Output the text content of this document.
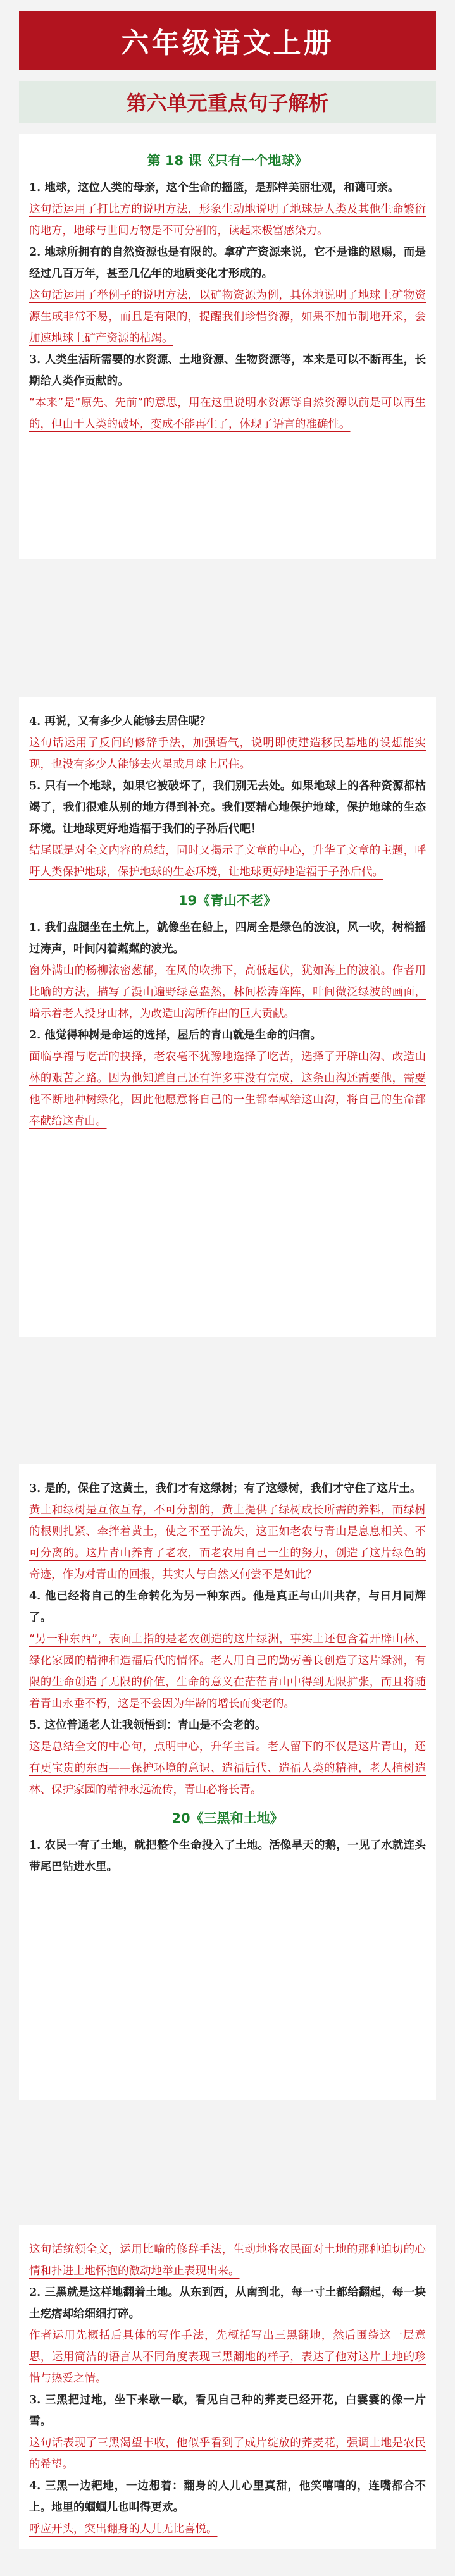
六年级语文上册
第六单元重点句子解析
第 18 课《只有一个地球》

1. 地球，这位人类的母亲，这个生命的摇篮，是那样美丽壮观，和蔼可亲。

这句话运用了打比方的说明方法，形象生动地说明了地球是人类及其他生命繁衍的地方，地球与世间万物是不可分割的，读起来极富感染力。

2. 地球所拥有的自然资源也是有限的。拿矿产资源来说，它不是谁的恩赐，而是经过几百万年，甚至几亿年的地质变化才形成的。

这句话运用了举例子的说明方法，以矿物资源为例，具体地说明了地球上矿物资源生成非常不易，而且是有限的，提醒我们珍惜资源，如果不加节制地开采，会加速地球上矿产资源的枯竭。

3. 人类生活所需要的水资源、土地资源、生物资源等，本来是可以不断再生，长期给人类作贡献的。

“本来”是“原先、先前”的意思，用在这里说明水资源等自然资源以前是可以再生的，但由于人类的破坏，变成不能再生了，体现了语言的准确性。

4. 再说，又有多少人能够去居住呢？

这句话运用了反问的修辞手法，加强语气，说明即使建造移民基地的设想能实现，也没有多少人能够去火星或月球上居住。

5. 只有一个地球，如果它被破坏了，我们别无去处。如果地球上的各种资源都枯竭了，我们很难从别的地方得到补充。我们要精心地保护地球，保护地球的生态环境。让地球更好地造福于我们的子孙后代吧！

结尾既是对全文内容的总结，同时又揭示了文章的中心，升华了文章的主题，呼吁人类保护地球，保护地球的生态环境，让地球更好地造福于子孙后代。

19《青山不老》

1. 我们盘腿坐在土炕上，就像坐在船上，四周全是绿色的波浪，风一吹，树梢摇过涛声，叶间闪着粼粼的波光。

窗外满山的杨柳浓密葱郁，在风的吹拂下，高低起伏，犹如海上的波浪。作者用比喻的方法，描写了漫山遍野绿意盎然，林间松涛阵阵，叶间微泛绿波的画面，暗示着老人投身山林，为改造山沟所作出的巨大贡献。

2. 他觉得种树是命运的选择，屋后的青山就是生命的归宿。

面临享福与吃苦的抉择，老农毫不犹豫地选择了吃苦，选择了开辟山沟、改造山林的艰苦之路。因为他知道自己还有许多事没有完成，这条山沟还需要他，需要他不断地种树绿化，因此他愿意将自己的一生都奉献给这山沟，将自己的生命都奉献给这青山。

3. 是的，保住了这黄土，我们才有这绿树；有了这绿树，我们才守住了这片土。

黄土和绿树是互依互存，不可分割的，黄土提供了绿树成长所需的养料，而绿树的根则扎紧、牵拌着黄土，使之不至于流失，这正如老农与青山是息息相关、不可分离的。这片青山养育了老农，而老农用自己一生的努力，创造了这片绿色的奇迹，作为对青山的回报，其实人与自然又何尝不是如此？

4. 他已经将自己的生命转化为另一种东西。他是真正与山川共存，与日月同辉了。

“另一种东西”，表面上指的是老农创造的这片绿洲，事实上还包含着开辟山林、绿化家园的精神和造福后代的情怀。老人用自己的勤劳善良创造了这片绿洲，有限的生命创造了无限的价值，生命的意义在茫茫青山中得到无限扩张，而且将随着青山永垂不朽，这是不会因为年龄的增长而变老的。

5. 这位普通老人让我领悟到：青山是不会老的。

这是总结全文的中心句，点明中心，升华主旨。老人留下的不仅是这片青山，还有更宝贵的东西——保护环境的意识、造福后代、造福人类的精神，老人植树造林、保护家园的精神永远流传，青山必将长青。

20《三黑和土地》

1. 农民一有了土地，就把整个生命投入了土地。活像旱天的鹅，一见了水就连头带尾巴钻进水里。

这句话统领全文，运用比喻的修辞手法，生动地将农民面对土地的那种迫切的心情和扑进土地怀抱的激动地举止表现出来。

2. 三黑就是这样地翻着土地。从东到西，从南到北，每一寸土都给翻起，每一块土疙瘩却给细细打碎。

作者运用先概括后具体的写作手法，先概括写出三黑翻地，然后围绕这一层意思，运用简洁的语言从不同角度表现三黑翻地的样子，表达了他对这片土地的珍惜与热爱之情。

3. 三黑把过地，坐下来歇一歇，看见自己种的荞麦已经开花，白霎霎的像一片雪。

这句话表现了三黑渴望丰收，他似乎看到了成片绽放的荞麦花，强调土地是农民的希望。

4. 三黑一边耙地，一边想着：翻身的人儿心里真甜，他笑嘻嘻的，连嘴都合不上。地里的蝈蝈儿也叫得更欢。

呼应开头，突出翻身的人儿无比喜悦。
